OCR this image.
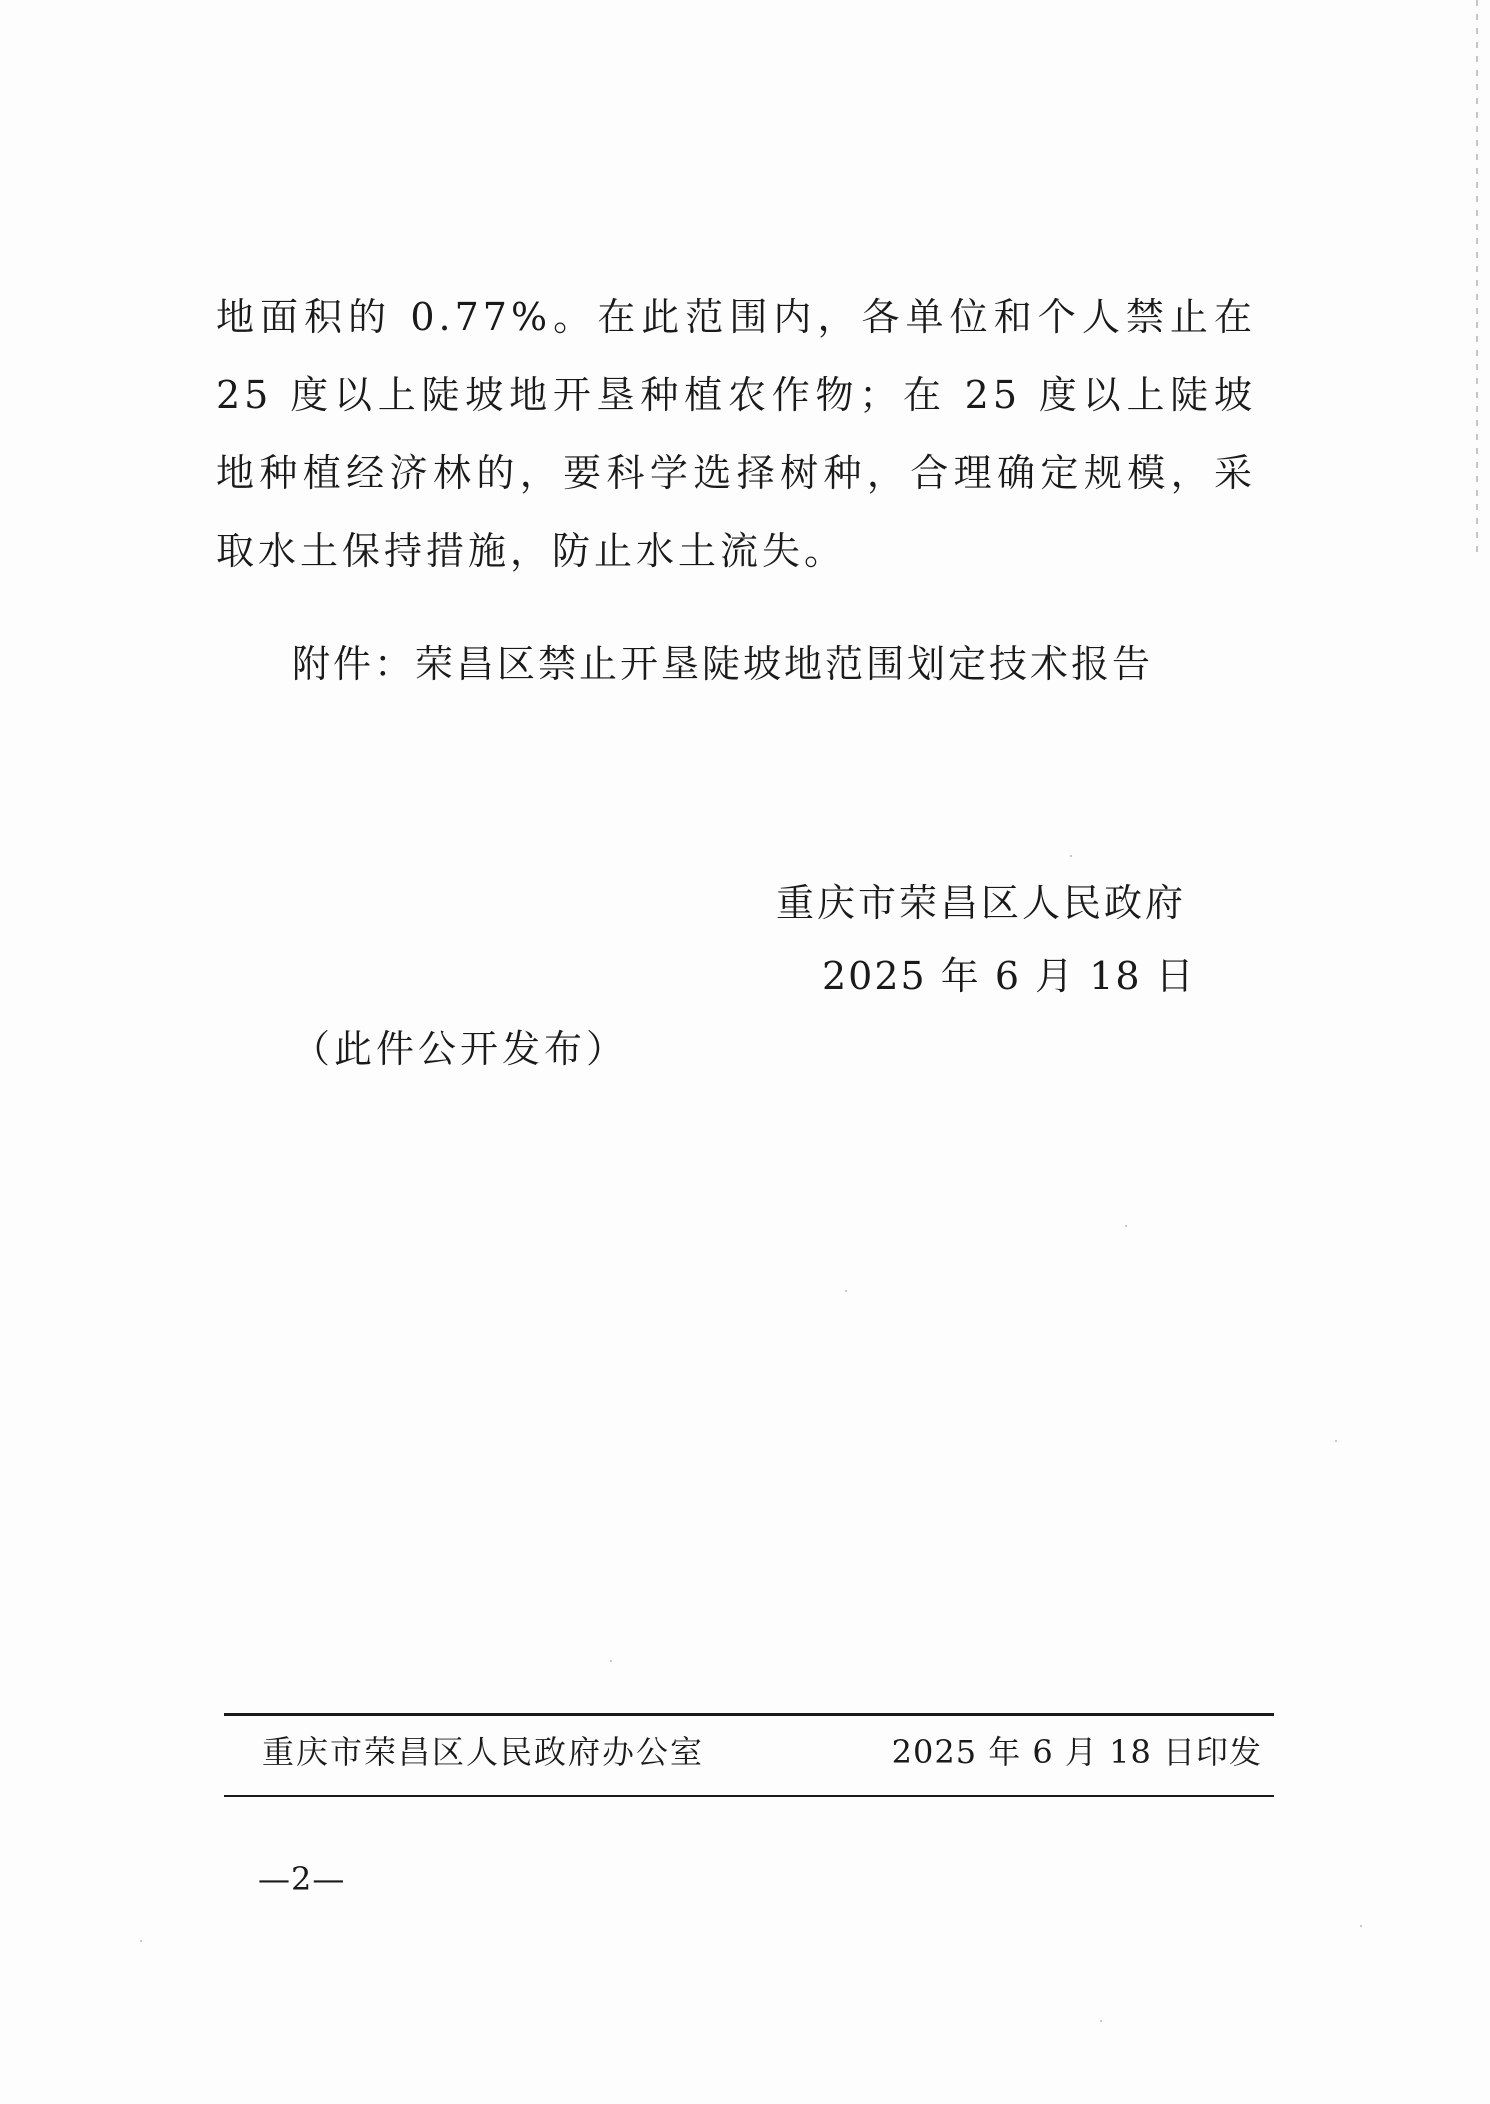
地面积的 0.77%。在此范围内，各单位和个人禁止在 25 度以上陡坡地开垦种植农作物；在 25 度以上陡坡地种植经济林的，要科学选择树种，合理确定规模，采取水土保持措施，防止水土流失。

附件：荣昌区禁止开垦陡坡地范围划定技术报告

重庆市荣昌区人民政府

2025 年 6 月 18 日

（此件公开发布）

重庆市荣昌区人民政府办公室	2025 年 6 月 18 日印发

—2—
